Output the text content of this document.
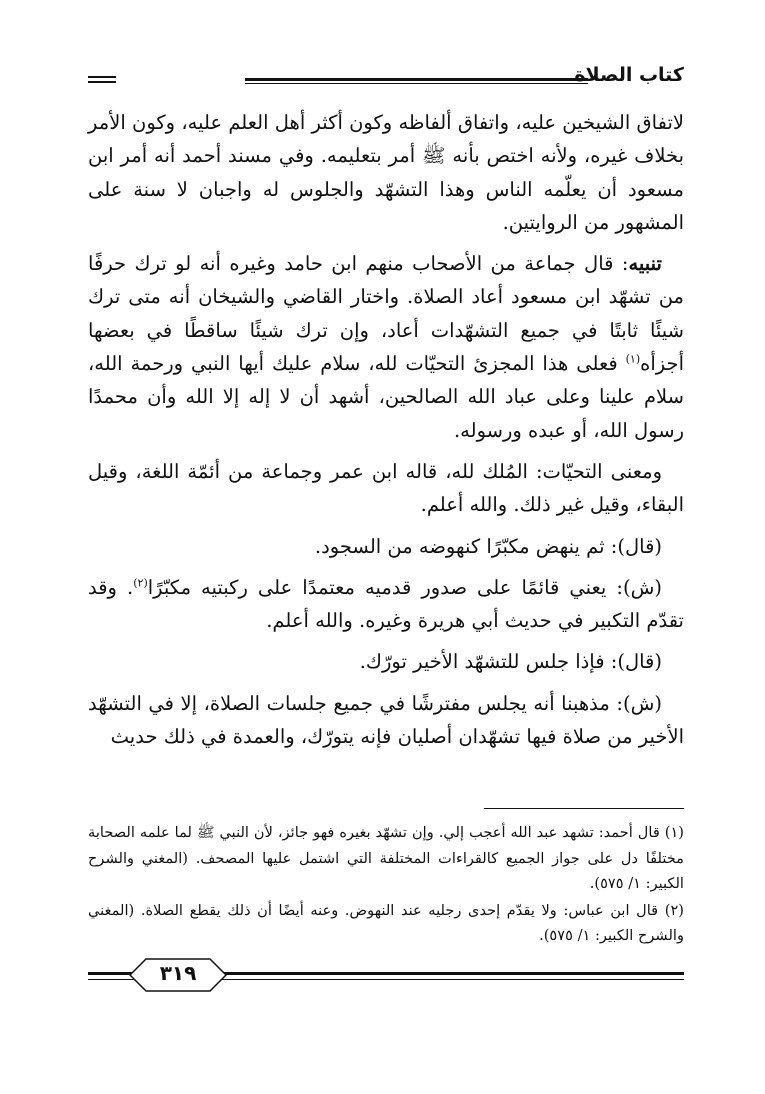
كتاب الصلاة

لاتفاق الشيخين عليه، واتفاق ألفاظه وكون أكثر أهل العلم عليه، وكون الأمر بخلاف غيره، ولأنه اختص بأنه ﷺ أمر بتعليمه. وفي مسند أحمد أنه أمر ابن مسعود أن يعلّمه الناس وهذا التشهّد والجلوس له واجبان لا سنة على المشهور من الروايتين.

تنبيه: قال جماعة من الأصحاب منهم ابن حامد وغيره أنه لو ترك حرفًا من تشهّد ابن مسعود أعاد الصلاة. واختار القاضي والشيخان أنه متى ترك شيئًا ثابتًا في جميع التشهّدات أعاد، وإن ترك شيئًا ساقطًا في بعضها أجزأه$^{(١)}$ فعلى هذا المجزئ التحيّات لله، سلام عليك أيها النبي ورحمة الله، سلام علينا وعلى عباد الله الصالحين، أشهد أن لا إله إلا الله وأن محمدًا رسول الله، أو عبده ورسوله.

ومعنى التحيّات: المُلك لله، قاله ابن عمر وجماعة من أئمّة اللغة، وقيل البقاء، وقيل غير ذلك. والله أعلم.

(قال): ثم ينهض مكبّرًا كنهوضه من السجود.

(ش): يعني قائمًا على صدور قدميه معتمدًا على ركبتيه مكبّرًا$^{(٢)}$. وقد تقدّم التكبير في حديث أبي هريرة وغيره. والله أعلم.

(قال): فإذا جلس للتشهّد الأخير تورّك.

(ش): مذهبنا أنه يجلس مفترشًا في جميع جلسات الصلاة، إلا في التشهّد الأخير من صلاة فيها تشهّدان أصليان فإنه يتورّك، والعمدة في ذلك حديث

(١) قال أحمد: تشهد عبد الله أعجب إلي. وإن تشهّد بغيره فهو جائز، لأن النبي ﷺ لما علمه الصحابة مختلفًا دل على جواز الجميع كالقراءات المختلفة التي اشتمل عليها المصحف. (المغني والشرح الكبير: ١/ ٥٧٥).

(٢) قال ابن عباس: ولا يقدّم إحدى رجليه عند النهوض. وعنه أيضًا أن ذلك يقطع الصلاة. (المغني والشرح الكبير: ١/ ٥٧٥).

٣١٩
